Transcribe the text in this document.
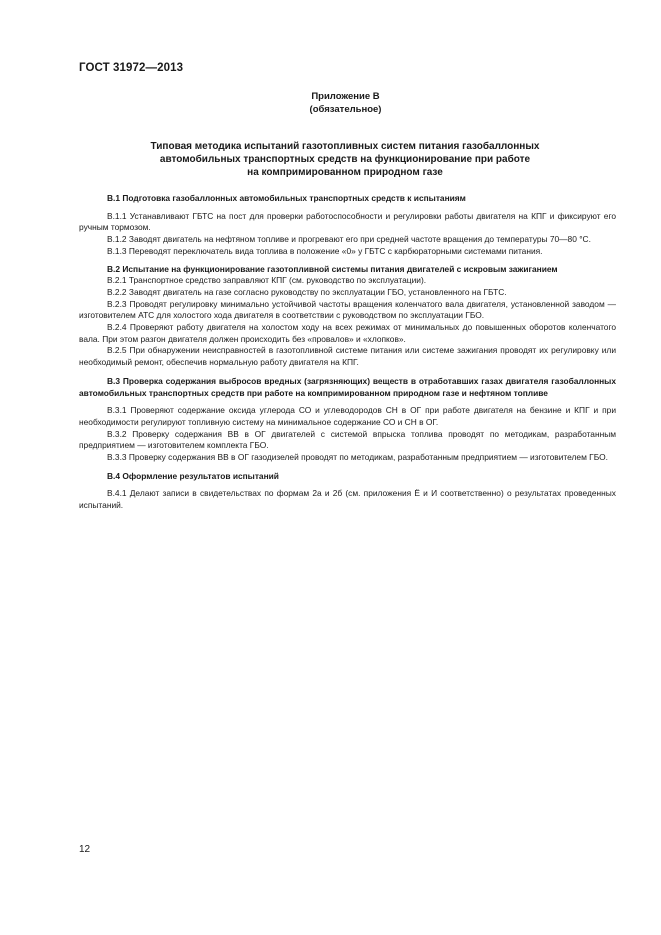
ГОСТ 31972—2013
Приложение В
(обязательное)
Типовая методика испытаний газотопливных систем питания газобаллонных
автомобильных транспортных средств на функционирование при работе
на компримированном природном газе

В.1 Подготовка газобаллонных автомобильных транспортных средств к испытаниям

В.1.1 Устанавливают ГБТС на пост для проверки работоспособности и регулировки работы двигателя на КПГ и фиксируют его ручным тормозом.

В.1.2 Заводят двигатель на нефтяном топливе и прогревают его при средней частоте вращения до температуры 70—80 °С.

В.1.3 Переводят переключатель вида топлива в положение «0» у ГБТС с карбюраторными системами питания.

В.2 Испытание на функционирование газотопливной системы питания двигателей с искровым зажиганием

В.2.1 Транспортное средство заправляют КПГ (см. руководство по эксплуатации).

В.2.2 Заводят двигатель на газе согласно руководству по эксплуатации ГБО, установленного на ГБТС.

В.2.3 Проводят регулировку минимально устойчивой частоты вращения коленчатого вала двигателя, установленной заводом — изготовителем АТС для холостого хода двигателя в соответствии с руководством по эксплуатации ГБО.

В.2.4 Проверяют работу двигателя на холостом ходу на всех режимах от минимальных до повышенных оборотов коленчатого вала. При этом разгон двигателя должен происходить без «провалов» и «хлопков».

В.2.5 При обнаружении неисправностей в газотопливной системе питания или системе зажигания проводят их регулировку или необходимый ремонт, обеспечив нормальную работу двигателя на КПГ.

В.3 Проверка содержания выбросов вредных (загрязняющих) веществ в отработавших газах двигателя газобаллонных автомобильных транспортных средств при работе на компримированном природном газе и нефтяном топливе

В.3.1 Проверяют содержание оксида углерода СО и углеводородов СН в ОГ при работе двигателя на бензине и КПГ и при необходимости регулируют топливную систему на минимальное содержание СО и СН в ОГ.

В.3.2 Проверку содержания ВВ в ОГ двигателей с системой впрыска топлива проводят по методикам, разработанным предприятием — изготовителем комплекта ГБО.

В.3.3 Проверку содержания ВВ в ОГ газодизелей проводят по методикам, разработанным предприятием — изготовителем ГБО.

В.4 Оформление результатов испытаний

В.4.1 Делают записи в свидетельствах по формам 2а и 2б (см. приложения Ё и И соответственно) о результатах проведенных испытаний.

12
